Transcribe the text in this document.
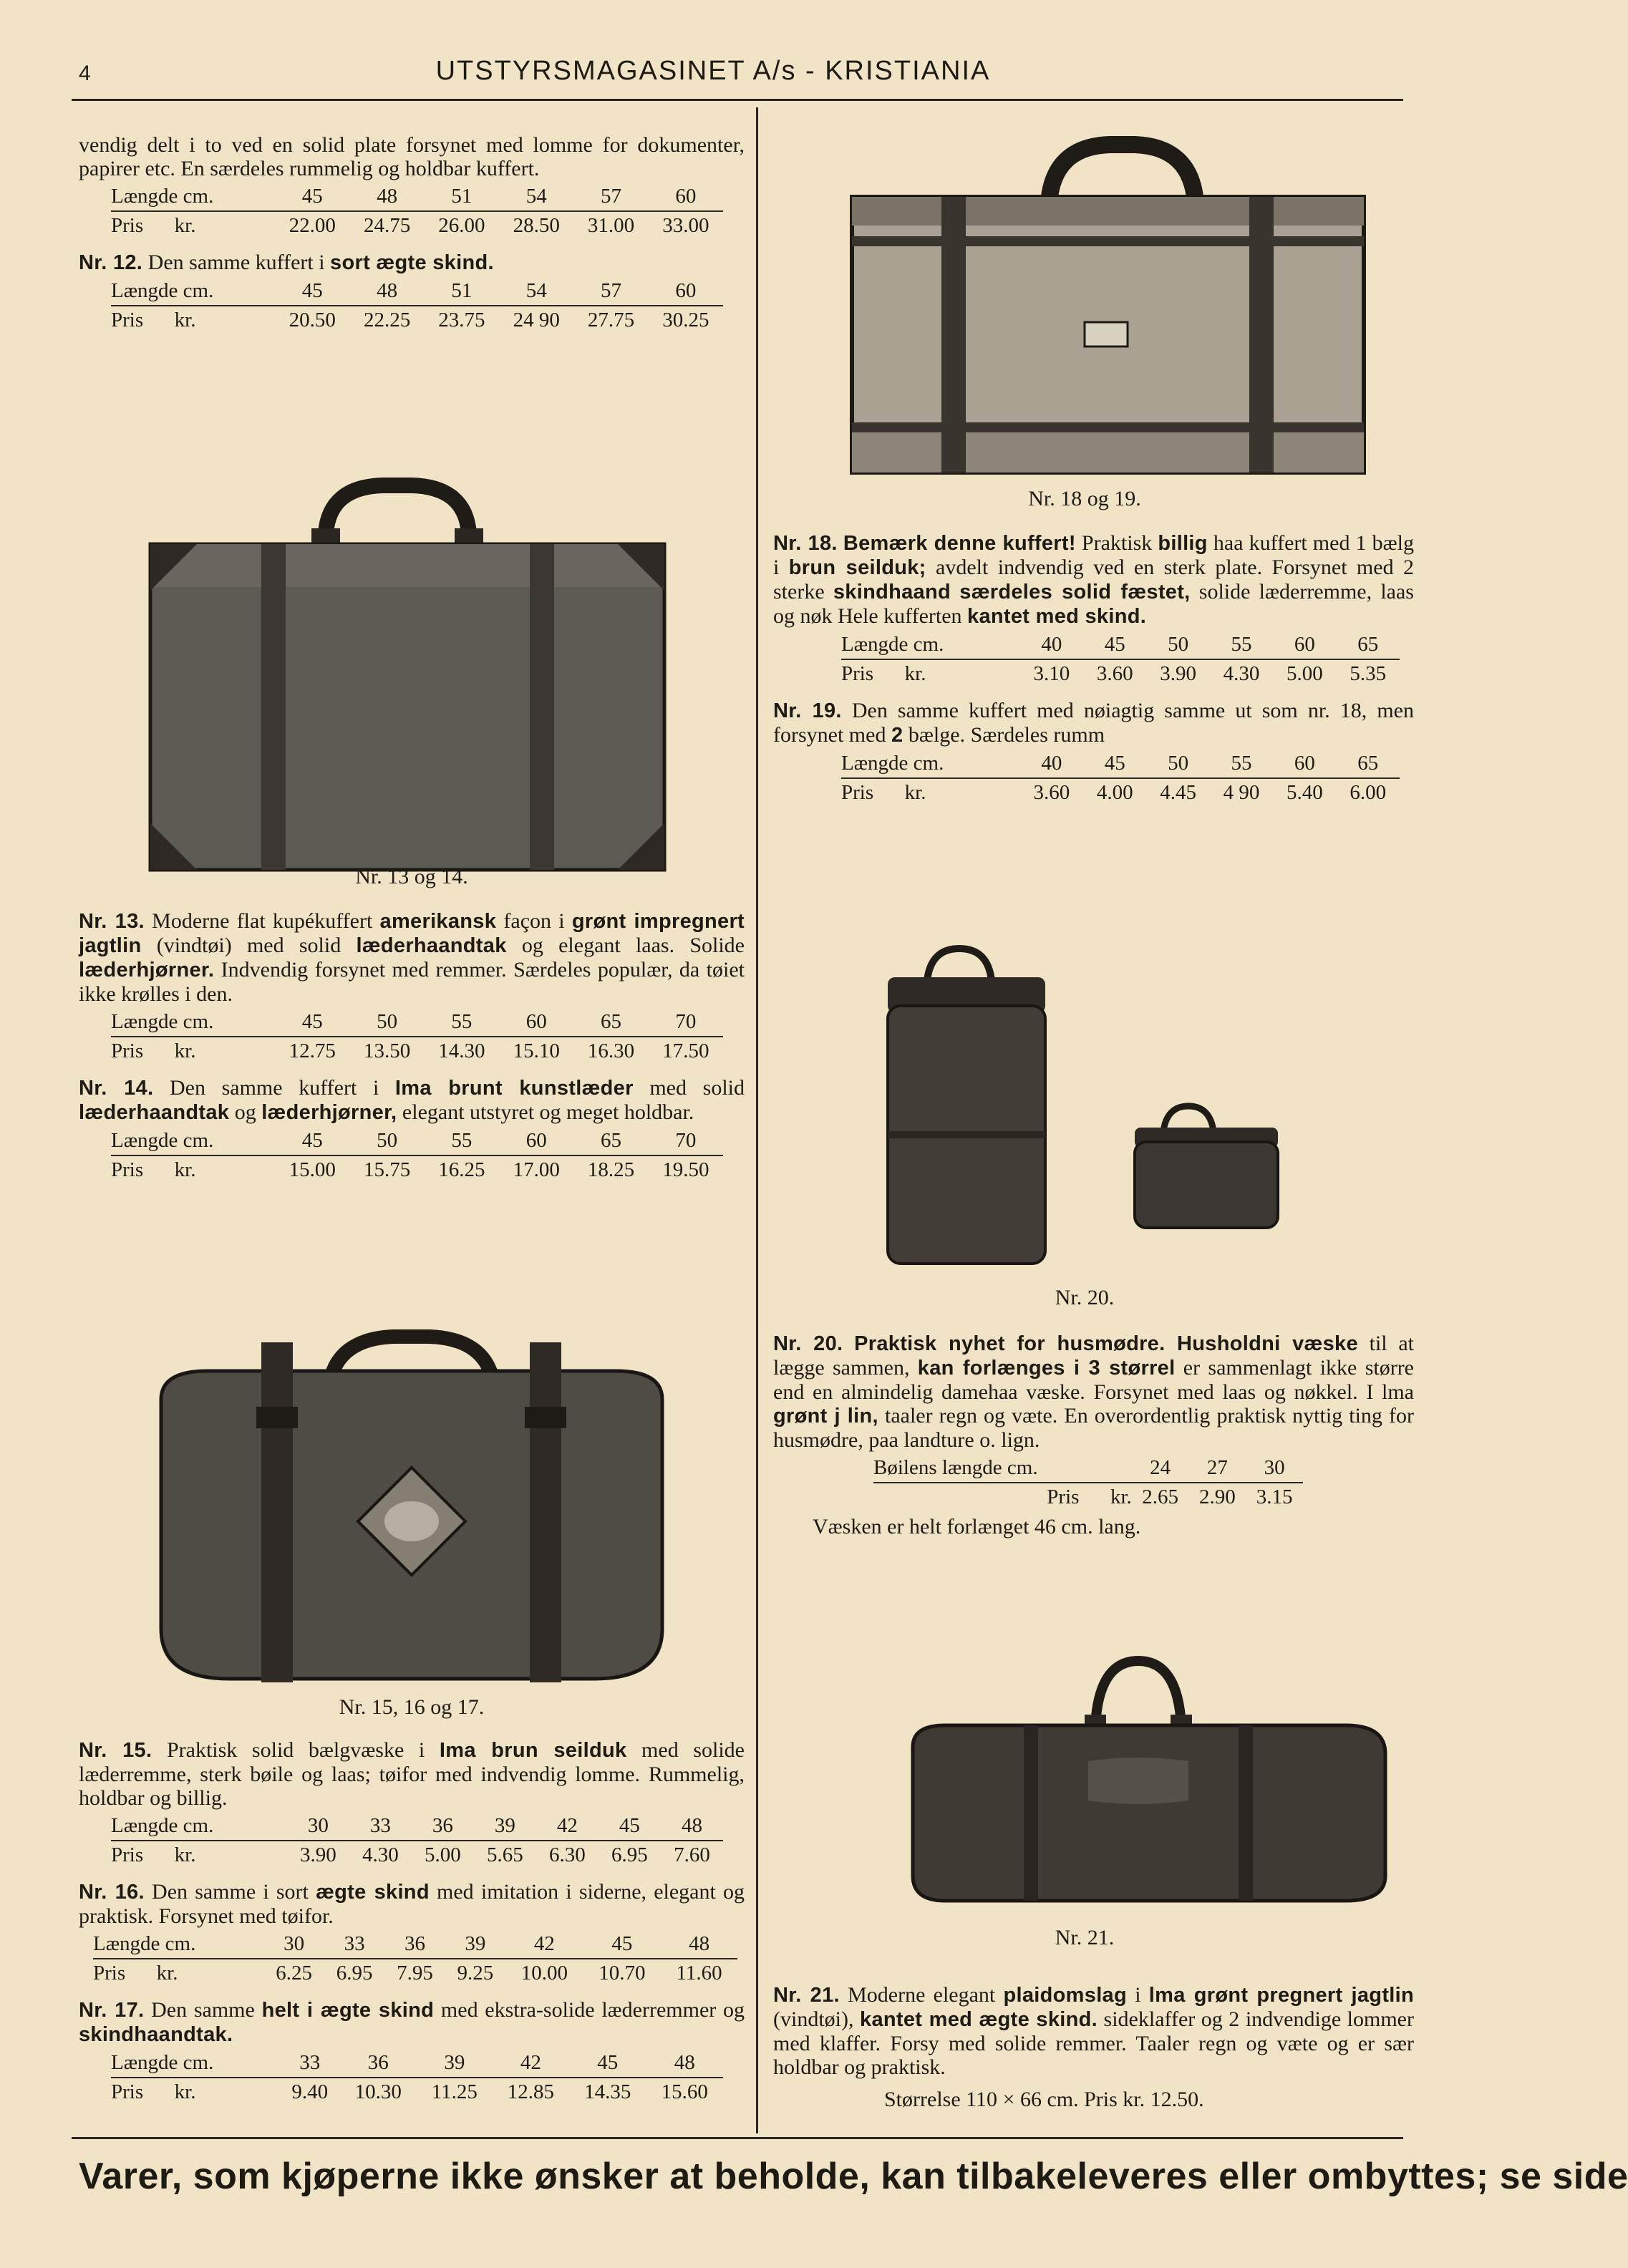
4	UTSTYRSMAGASINET A/s - KRISTIANIA

vendig delt i to ved en solid plate forsynet med lomme for dokumenter, papirer etc. En særdeles rummelig og holdbar kuffert.

Længde cm.	45	48	51	54	57	60
Pris kr.	22.00	24.75	26.00	28.50	31.00	33.00

Nr. 12. Den samme kuffert i sort ægte skind.

Længde cm.	45	48	51	54	57	60
Pris kr.	20.50	22.25	23.75	24 90	27.75	30.25
Nr. 13 og 14.

Nr. 13. Moderne flat kupékuffert amerikansk façon i grønt impregnert jagtlin (vindtøi) med solid læderhaandtak og elegant laas. Solide læderhjørner. Indvendig forsynet med remmer. Særdeles populær, da tøiet ikke krølles i den.

Længde cm.	45	50	55	60	65	70
Pris kr.	12.75	13.50	14.30	15.10	16.30	17.50

Nr. 14. Den samme kuffert i Ima brunt kunstlæder med solid læderhaandtak og læderhjørner, elegant utstyret og meget holdbar.

Længde cm.	45	50	55	60	65	70
Pris kr.	15.00	15.75	16.25	17.00	18.25	19.50
Nr. 15, 16 og 17.

Nr. 15. Praktisk solid bælgvæske i Ima brun seilduk med solide læderremme, sterk bøile og laas; tøifor med indvendig lomme. Rummelig, holdbar og billig.

Længde cm.	30	33	36	39	42	45	48
Pris kr.	3.90	4.30	5.00	5.65	6.30	6.95	7.60

Nr. 16. Den samme i sort ægte skind med imitation i siderne, elegant og praktisk. Forsynet med tøifor.

Længde cm.	30	33	36	39	42	45	48
Pris kr.	6.25	6.95	7.95	9.25	10.00	10.70	11.60

Nr. 17. Den samme helt i ægte skind med ekstra-solide læderremmer og skindhaandtak.

Længde cm.	33	36	39	42	45	48
Pris kr.	9.40	10.30	11.25	12.85	14.35	15.60
Nr. 18 og 19.

Nr. 18. Bemærk denne kuffert! Praktisk billig haa kuffert med 1 bælg i brun seilduk; avdelt indvendig ved en sterk plate. Forsynet med 2 sterke skindhaand særdeles solid fæstet, solide læderremme, laas og nøk Hele kufferten kantet med skind.

Længde cm.	40	45	50	55	60	65
Pris kr.	3.10	3.60	3.90	4.30	5.00	5.35

Nr. 19. Den samme kuffert med nøiagtig samme ut som nr. 18, men forsynet med 2 bælge. Særdeles rumm

Længde cm.	40	45	50	55	60	65
Pris kr.	3.60	4.00	4.45	4 90	5.40	6.00
Nr. 20.

Nr. 20. Praktisk nyhet for husmødre. Husholdni væske til at lægge sammen, kan forlænges i 3 størrel er sammenlagt ikke større end en almindelig damehaa væske. Forsynet med laas og nøkkel. I lma grønt j lin, taaler regn og væte. En overordentlig praktisk nyttig ting for husmødre, paa landture o. lign.

Bøilens længde cm.	24	27	30
Pris kr.	2.65	2.90	3.15

Væsken er helt forlænget 46 cm. lang.

Nr. 21.

Nr. 21. Moderne elegant plaidomslag i lma grønt pregnert jagtlin (vindtøi), kantet med ægte skind. sideklaffer og 2 indvendige lommer med klaffer. Forsy med solide remmer. Taaler regn og væte og er sær holdbar og praktisk.

Størrelse 110 × 66 cm. Pris kr. 12.50.

Varer, som kjøperne ikke ønsker at beholde, kan tilbakeleveres eller ombyttes; se side
